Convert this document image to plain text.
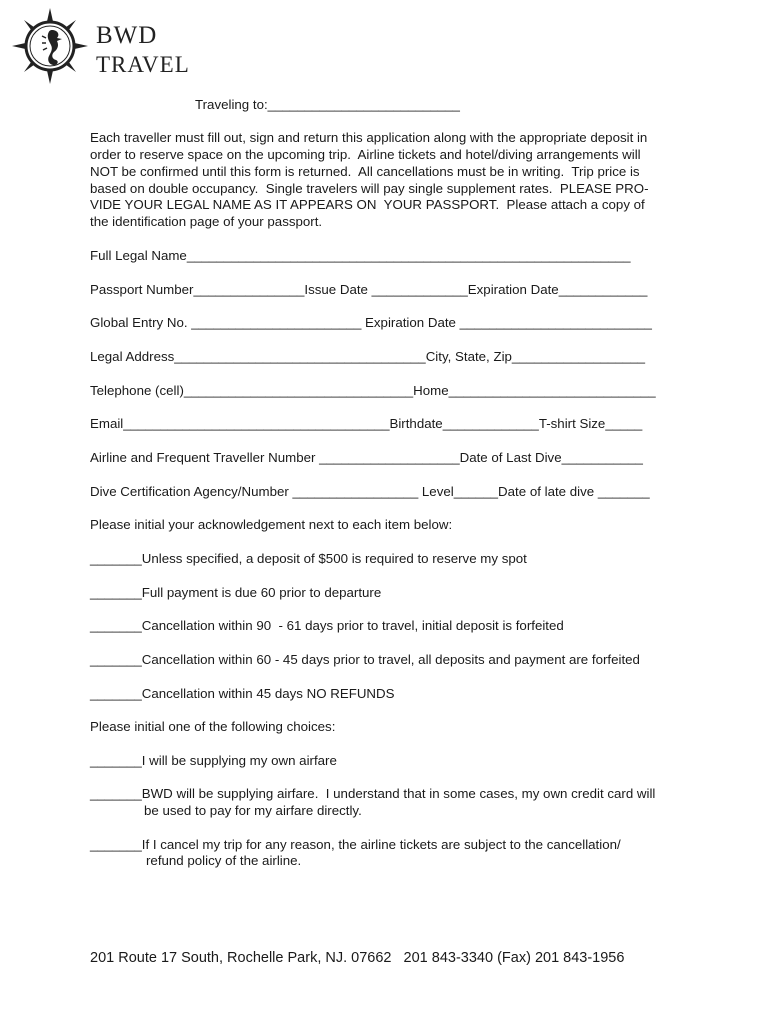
BWD
TRAVEL
Traveling to:__________________________
Each traveller must fill out, sign and return this application along with the appropriate deposit in
order to reserve space on the upcoming trip.  Airline tickets and hotel/diving arrangements will
NOT be confirmed until this form is returned.  All cancellations must be in writing.  Trip price is
based on double occupancy.  Single travelers will pay single supplement rates.  PLEASE PRO-
VIDE YOUR LEGAL NAME AS IT APPEARS ON  YOUR PASSPORT.  Please attach a copy of
the identification page of your passport.
Full Legal Name____________________________________________________________
Passport Number_______________Issue Date _____________Expiration Date____________
Global Entry No. _______________________ Expiration Date __________________________
Legal Address__________________________________City, State, Zip__________________
Telephone (cell)_______________________________Home____________________________
Email____________________________________Birthdate_____________T-shirt Size_____
Airline and Frequent Traveller Number ___________________Date of Last Dive___________
Dive Certification Agency/Number _________________ Level______Date of late dive _______
Please initial your acknowledgement next to each item below:
_______Unless specified, a deposit of $500 is required to reserve my spot
_______Full payment is due 60 prior to departure
_______Cancellation within 90  - 61 days prior to travel, initial deposit is forfeited
_______Cancellation within 60 - 45 days prior to travel, all deposits and payment are forfeited
_______Cancellation within 45 days NO REFUNDS
Please initial one of the following choices:
_______I will be supplying my own airfare
_______BWD will be supplying airfare.  I understand that in some cases, my own credit card will
be used to pay for my airfare directly.
_______If I cancel my trip for any reason, the airline tickets are subject to the cancellation/
refund policy of the airline.
201 Route 17 South, Rochelle Park, NJ. 07662   201 843-3340 (Fax) 201 843-1956
